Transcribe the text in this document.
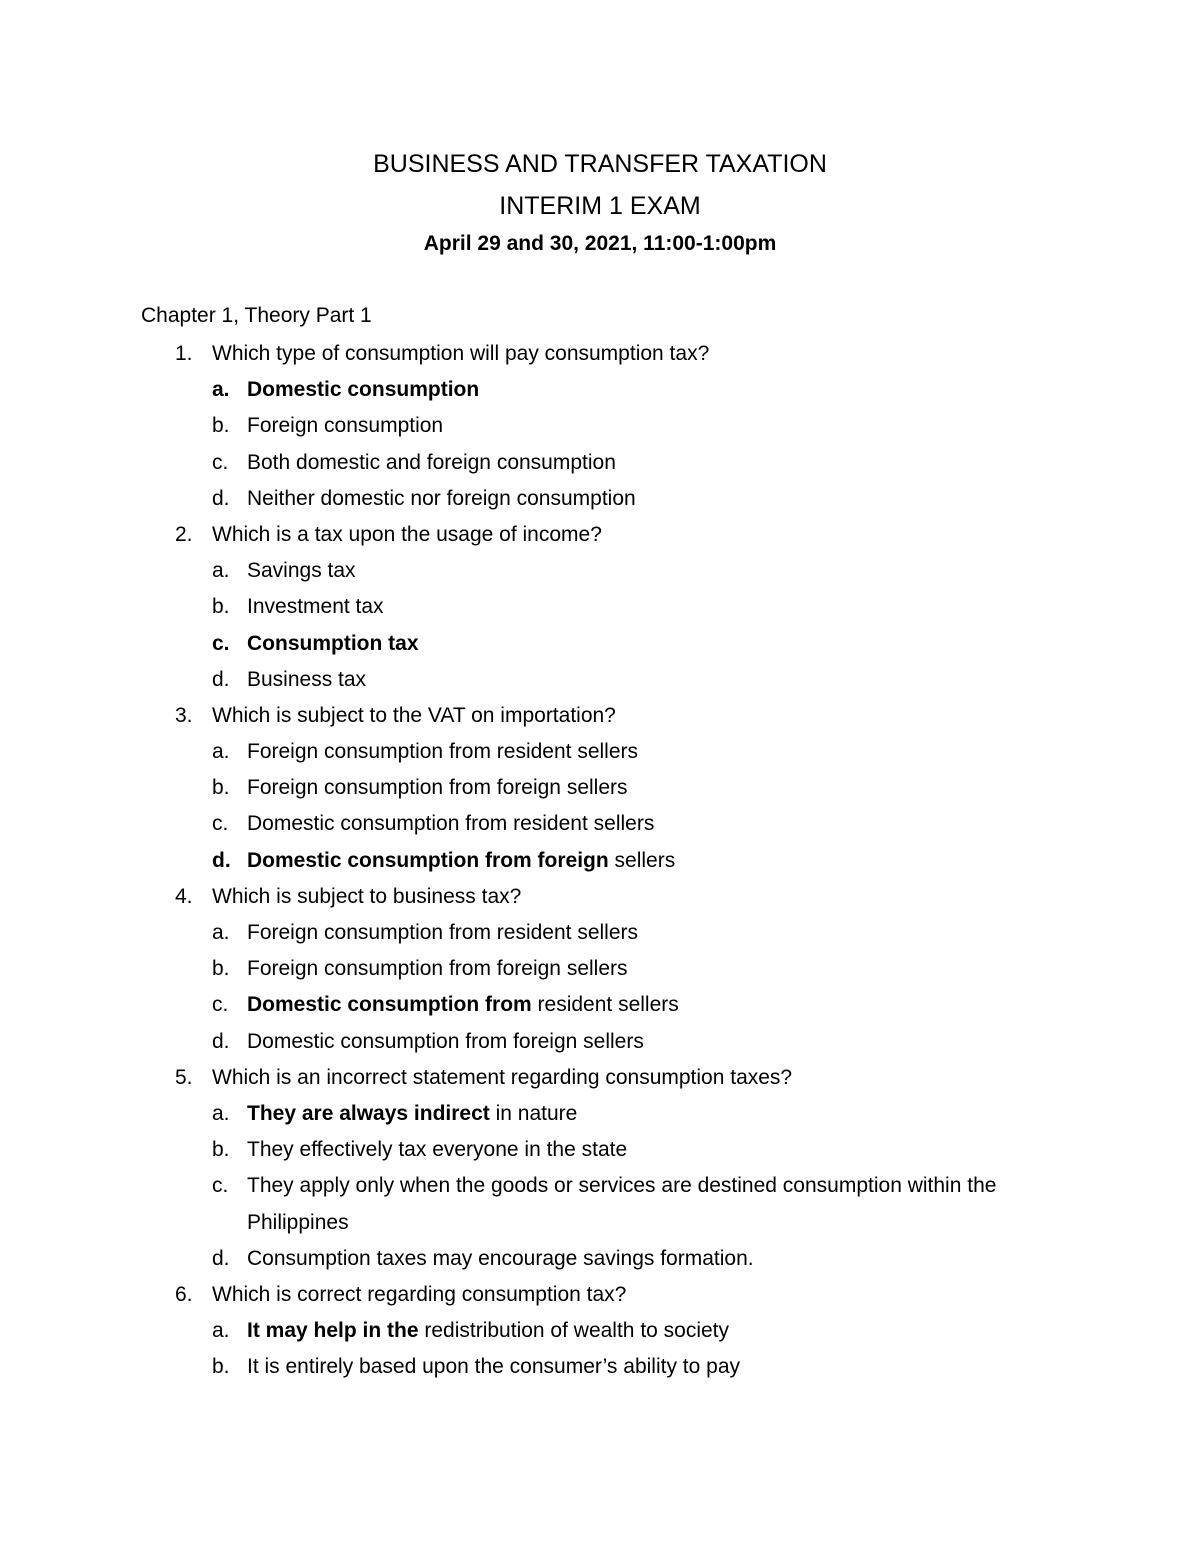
BUSINESS AND TRANSFER TAXATION
INTERIM 1 EXAM
April 29 and 30, 2021, 11:00-1:00pm
Chapter 1, Theory Part 1
1. Which type of consumption will pay consumption tax?
a. Domestic consumption
b. Foreign consumption
c. Both domestic and foreign consumption
d. Neither domestic nor foreign consumption
2. Which is a tax upon the usage of income?
a. Savings tax
b. Investment tax
c. Consumption tax
d. Business tax
3. Which is subject to the VAT on importation?
a. Foreign consumption from resident sellers
b. Foreign consumption from foreign sellers
c. Domestic consumption from resident sellers
d. Domestic consumption from foreign sellers
4. Which is subject to business tax?
a. Foreign consumption from resident sellers
b. Foreign consumption from foreign sellers
c. Domestic consumption from resident sellers
d. Domestic consumption from foreign sellers
5. Which is an incorrect statement regarding consumption taxes?
a. They are always indirect in nature
b. They effectively tax everyone in the state
c. They apply only when the goods or services are destined consumption within the Philippines
d. Consumption taxes may encourage savings formation.
6. Which is correct regarding consumption tax?
a. It may help in the redistribution of wealth to society
b. It is entirely based upon the consumer’s ability to pay
